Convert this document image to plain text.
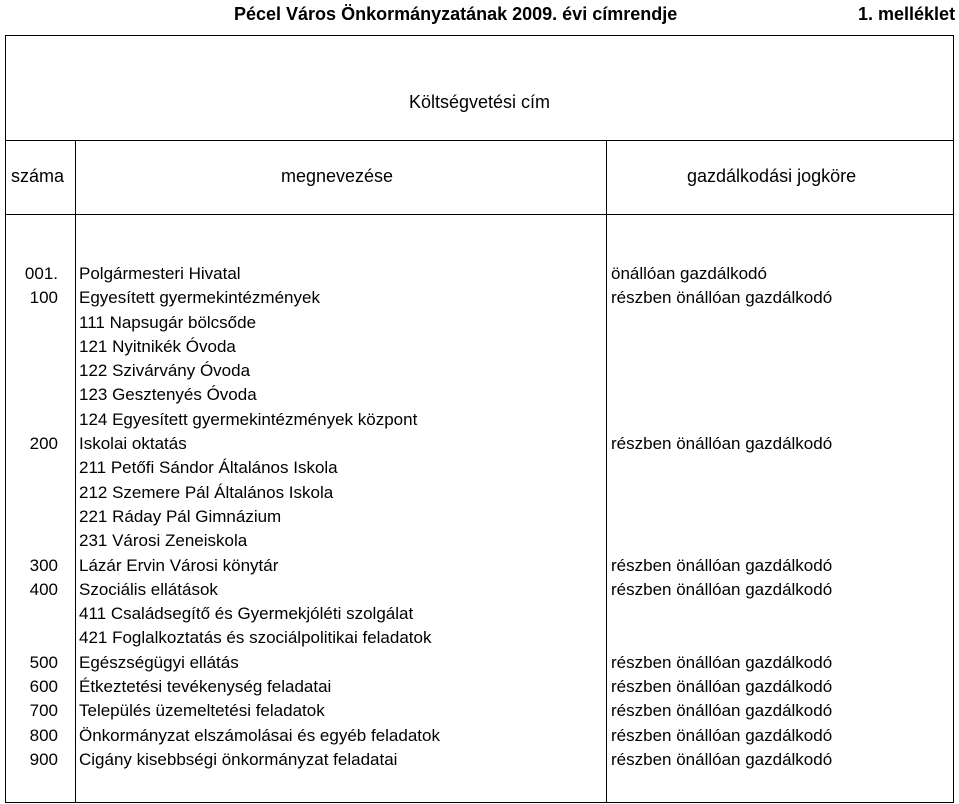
Pécel Város Önkormányzatának 2009. évi címrendje	1. melléklet
Költségvetési cím
száma	megnevezése	gazdálkodási jogköre
001. Polgármesteri Hivatal	önállóan gazdálkodó
100 Egyesített gyermekintézmények	részben önállóan gazdálkodó
111 Napsugár bölcsőde
121 Nyitnikék Óvoda
122 Szivárvány Óvoda
123 Gesztenyés Óvoda
124 Egyesített gyermekintézmények központ
200 Iskolai oktatás	részben önállóan gazdálkodó
211 Petőfi Sándor Általános Iskola
212 Szemere Pál Általános Iskola
221 Ráday Pál Gimnázium
231 Városi Zeneiskola
300 Lázár Ervin Városi könytár	részben önállóan gazdálkodó
400 Szociális ellátások	részben önállóan gazdálkodó
411 Családsegítő és Gyermekjóléti szolgálat
421 Foglalkoztatás és szociálpolitikai feladatok
500 Egészségügyi ellátás	részben önállóan gazdálkodó
600 Étkeztetési tevékenység feladatai	részben önállóan gazdálkodó
700 Település üzemeltetési feladatok	részben önállóan gazdálkodó
800 Önkormányzat elszámolásai és egyéb feladatok	részben önállóan gazdálkodó
900 Cigány kisebbségi önkormányzat feladatai	részben önállóan gazdálkodó
